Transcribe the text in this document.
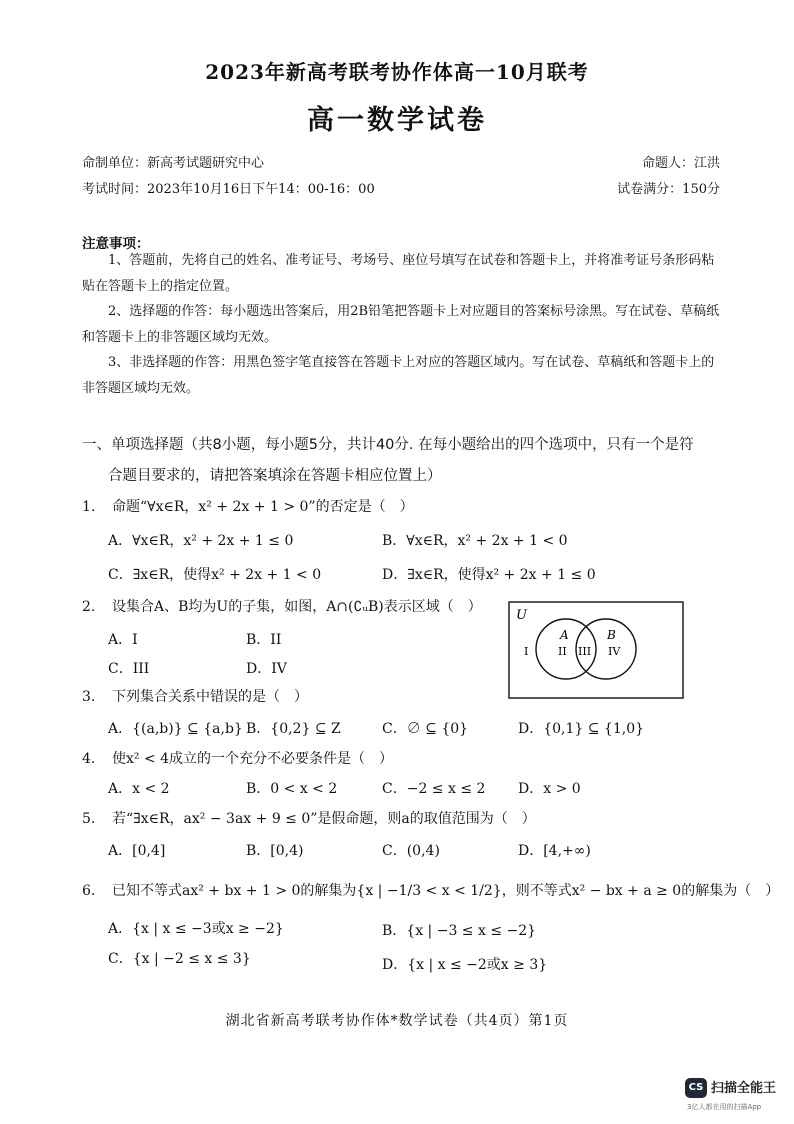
2023年新高考联考协作体高一10月联考
高一数学试卷
命制单位：新高考试题研究中心	命题人：江洪
考试时间：2023年10月16日下午14：00-16：00	试卷满分：150分
注意事项：
1、答题前，先将自己的姓名、准考证号、考场号、座位号填写在试卷和答题卡上，并将准考证号条形码粘贴在答题卡上的指定位置。
2、选择题的作答：每小题选出答案后，用2B铅笔把答题卡上对应题目的答案标号涂黑。写在试卷、草稿纸和答题卡上的非答题区域均无效。
3、非选择题的作答：用黑色签字笔直接答在答题卡上对应的答题区域内。写在试卷、草稿纸和答题卡上的非答题区域均无效。
一、单项选择题（共8小题，每小题5分，共计40分. 在每小题给出的四个选项中，只有一个是符
合题目要求的，请把答案填涂在答题卡相应位置上）
1. 命题“∀x∈R，x² + 2x + 1 > 0”的否定是（　）
A．∀x∈R，x² + 2x + 1 ≤ 0	B．∀x∈R，x² + 2x + 1 < 0
C．∃x∈R，使得x² + 2x + 1 < 0	D．∃x∈R，使得x² + 2x + 1 ≤ 0
2. 设集合A、B均为U的子集，如图，A∩(∁ᵤB)表示区域（　）
A．I	B．II
C．III	D．IV
U
A	B
I	II III IV
3. 下列集合关系中错误的是（　）
A．{(a,b)} ⊆ {a,b} B．{0,2} ⊆ Z	C．∅ ⊆ {0}	D．{0,1} ⊆ {1,0}
4. 使x² < 4成立的一个充分不必要条件是（　）
A．x < 2	B．0 < x < 2	C．−2 ≤ x ≤ 2 D．x > 0
5. 若“∃x∈R，ax² − 3ax + 9 ≤ 0”是假命题，则a的取值范围为（　）
A．[0,4]	B．[0,4)	C．(0,4)	D．[4,+∞)
6. 已知不等式ax² + bx + 1 > 0的解集为{x | −1/3 < x < 1/2}，则不等式x² − bx + a ≥ 0的解集为（　）
A．{x | x ≤ −3或x ≥ −2}	B．{x | −3 ≤ x ≤ −2}
C．{x | −2 ≤ x ≤ 3}	D．{x | x ≤ −2或x ≥ 3}
湖北省新高考联考协作体*数学试卷（共4页）第1页
CS 扫描全能王
3亿人都在用的扫描App
